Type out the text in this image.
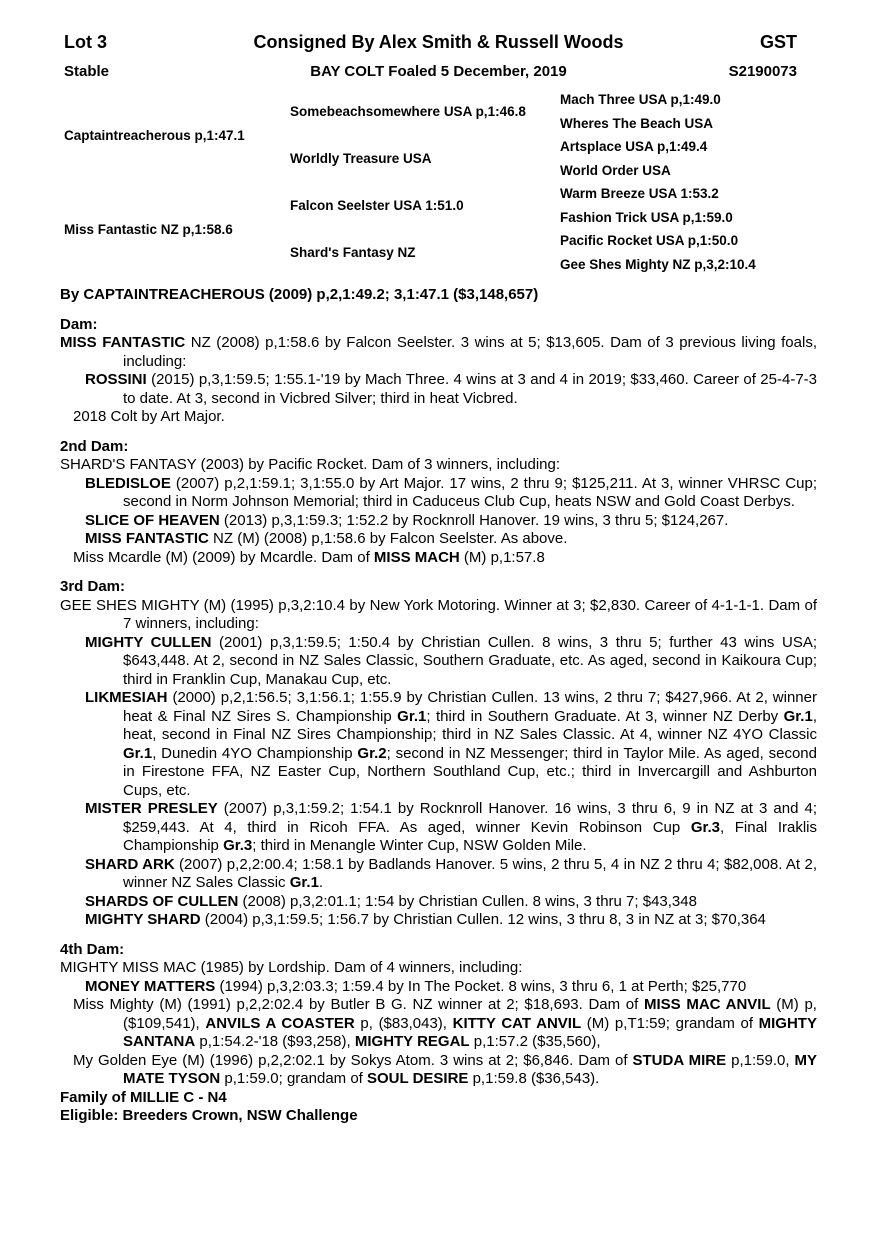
Lot 3
Stable
Consigned By Alex Smith & Russell Woods
BAY COLT Foaled 5 December, 2019
GST
S2190073
Captaintreacherous p,1:47.1
Miss Fantastic NZ p,1:58.6
Somebeachsomewhere USA p,1:46.8
Worldly Treasure USA
Falcon Seelster USA 1:51.0
Shard's Fantasy NZ
Mach Three USA p,1:49.0
Wheres The Beach USA
Artsplace USA p,1:49.4
World Order USA
Warm Breeze USA 1:53.2
Fashion Trick USA p,1:59.0
Pacific Rocket USA p,1:50.0
Gee Shes Mighty NZ p,3,2:10.4
By CAPTAINTREACHEROUS (2009) p,2,1:49.2; 3,1:47.1 ($3,148,657)
Dam:
MISS FANTASTIC NZ (2008) p,1:58.6 by Falcon Seelster. 3 wins at 5; $13,605. Dam of 3 previous living foals, including:
ROSSINI (2015) p,3,1:59.5; 1:55.1-'19 by Mach Three. 4 wins at 3 and 4 in 2019; $33,460. Career of 25-4-7-3 to date. At 3, second in Vicbred Silver; third in heat Vicbred.
2018 Colt by Art Major.
2nd Dam:
SHARD'S FANTASY (2003) by Pacific Rocket. Dam of 3 winners, including:
BLEDISLOE (2007) p,2,1:59.1; 3,1:55.0 by Art Major. 17 wins, 2 thru 9; $125,211. At 3, winner VHRSC Cup; second in Norm Johnson Memorial; third in Caduceus Club Cup, heats NSW and Gold Coast Derbys.
SLICE OF HEAVEN (2013) p,3,1:59.3; 1:52.2 by Rocknroll Hanover. 19 wins, 3 thru 5; $124,267.
MISS FANTASTIC NZ (M) (2008) p,1:58.6 by Falcon Seelster. As above.
Miss Mcardle (M) (2009) by Mcardle. Dam of MISS MACH (M) p,1:57.8
3rd Dam:
GEE SHES MIGHTY (M) (1995) p,3,2:10.4 by New York Motoring. Winner at 3; $2,830. Career of 4-1-1-1. Dam of 7 winners, including:
MIGHTY CULLEN (2001) p,3,1:59.5; 1:50.4 by Christian Cullen. 8 wins, 3 thru 5; further 43 wins USA; $643,448. At 2, second in NZ Sales Classic, Southern Graduate, etc. As aged, second in Kaikoura Cup; third in Franklin Cup, Manakau Cup, etc.
LIKMESIAH (2000) p,2,1:56.5; 3,1:56.1; 1:55.9 by Christian Cullen. 13 wins, 2 thru 7; $427,966. At 2, winner heat & Final NZ Sires S. Championship Gr.1; third in Southern Graduate. At 3, winner NZ Derby Gr.1, heat, second in Final NZ Sires Championship; third in NZ Sales Classic. At 4, winner NZ 4YO Classic Gr.1, Dunedin 4YO Championship Gr.2; second in NZ Messenger; third in Taylor Mile. As aged, second in Firestone FFA, NZ Easter Cup, Northern Southland Cup, etc.; third in Invercargill and Ashburton Cups, etc.
MISTER PRESLEY (2007) p,3,1:59.2; 1:54.1 by Rocknroll Hanover. 16 wins, 3 thru 6, 9 in NZ at 3 and 4; $259,443. At 4, third in Ricoh FFA. As aged, winner Kevin Robinson Cup Gr.3, Final Iraklis Championship Gr.3; third in Menangle Winter Cup, NSW Golden Mile.
SHARD ARK (2007) p,2,2:00.4; 1:58.1 by Badlands Hanover. 5 wins, 2 thru 5, 4 in NZ 2 thru 4; $82,008. At 2, winner NZ Sales Classic Gr.1.
SHARDS OF CULLEN (2008) p,3,2:01.1; 1:54 by Christian Cullen. 8 wins, 3 thru 7; $43,348
MIGHTY SHARD (2004) p,3,1:59.5; 1:56.7 by Christian Cullen. 12 wins, 3 thru 8, 3 in NZ at 3; $70,364
4th Dam:
MIGHTY MISS MAC (1985) by Lordship. Dam of 4 winners, including:
MONEY MATTERS (1994) p,3,2:03.3; 1:59.4 by In The Pocket. 8 wins, 3 thru 6, 1 at Perth; $25,770
Miss Mighty (M) (1991) p,2,2:02.4 by Butler B G. NZ winner at 2; $18,693. Dam of MISS MAC ANVIL (M) p, ($109,541), ANVILS A COASTER p, ($83,043), KITTY CAT ANVIL (M) p,T1:59; grandam of MIGHTY SANTANA p,1:54.2-'18 ($93,258), MIGHTY REGAL p,1:57.2 ($35,560),
My Golden Eye (M) (1996) p,2,2:02.1 by Sokys Atom. 3 wins at 2; $6,846. Dam of STUDA MIRE p,1:59.0, MY MATE TYSON p,1:59.0; grandam of SOUL DESIRE p,1:59.8 ($36,543).
Family of MILLIE C - N4
Eligible: Breeders Crown, NSW Challenge
